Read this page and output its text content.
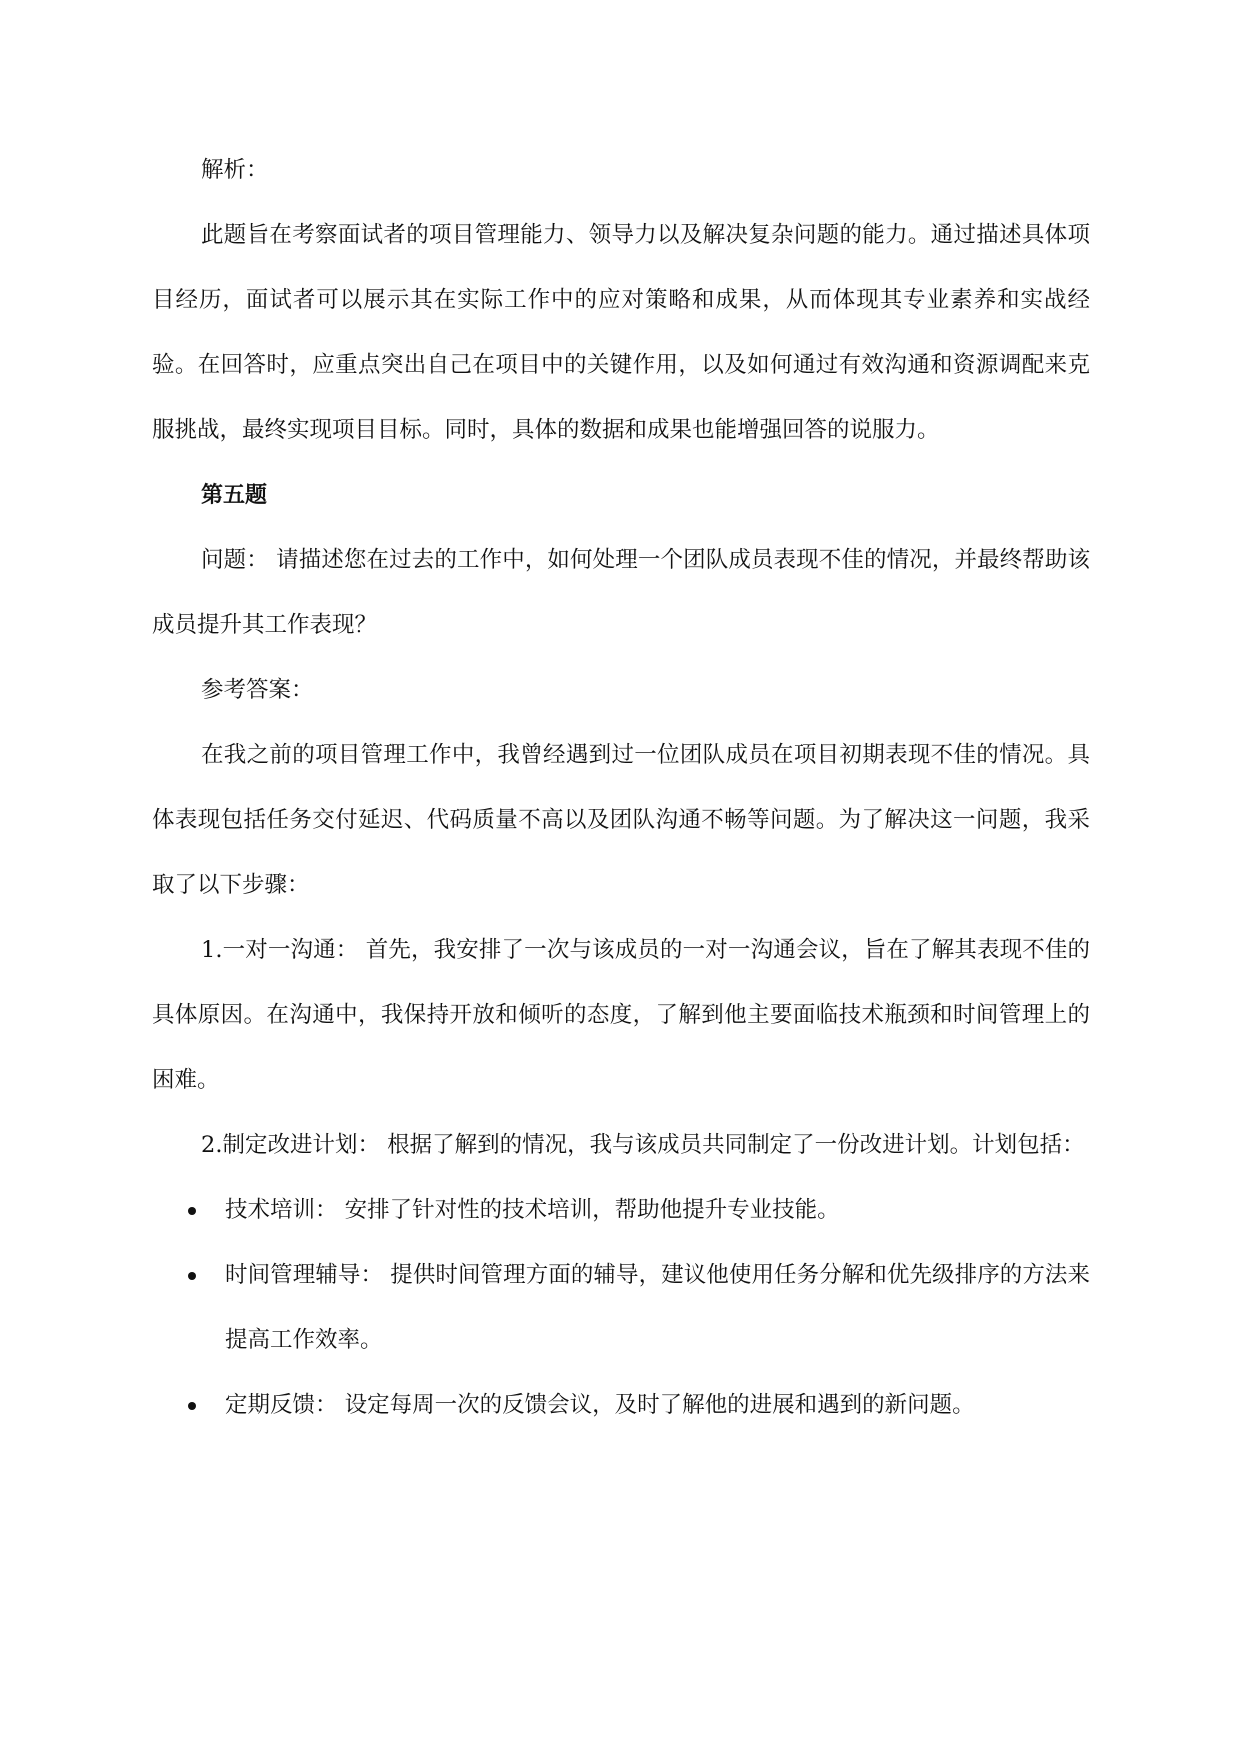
解析：

此题旨在考察面试者的项目管理能力、领导力以及解决复杂问题的能力。通过描述具体项目经历，面试者可以展示其在实际工作中的应对策略和成果，从而体现其专业素养和实战经验。在回答时，应重点突出自己在项目中的关键作用，以及如何通过有效沟通和资源调配来克服挑战，最终实现项目目标。同时，具体的数据和成果也能增强回答的说服力。

第五题

问题： 请描述您在过去的工作中，如何处理一个团队成员表现不佳的情况，并最终帮助该成员提升其工作表现？

参考答案：

在我之前的项目管理工作中，我曾经遇到过一位团队成员在项目初期表现不佳的情况。具体表现包括任务交付延迟、代码质量不高以及团队沟通不畅等问题。为了解决这一问题，我采取了以下步骤：

1.一对一沟通： 首先，我安排了一次与该成员的一对一沟通会议，旨在了解其表现不佳的具体原因。在沟通中，我保持开放和倾听的态度，了解到他主要面临技术瓶颈和时间管理上的困难。

2.制定改进计划： 根据了解到的情况，我与该成员共同制定了一份改进计划。计划包括：

技术培训： 安排了针对性的技术培训，帮助他提升专业技能。
时间管理辅导： 提供时间管理方面的辅导，建议他使用任务分解和优先级排序的方法来提高工作效率。
定期反馈： 设定每周一次的反馈会议，及时了解他的进展和遇到的新问题。
